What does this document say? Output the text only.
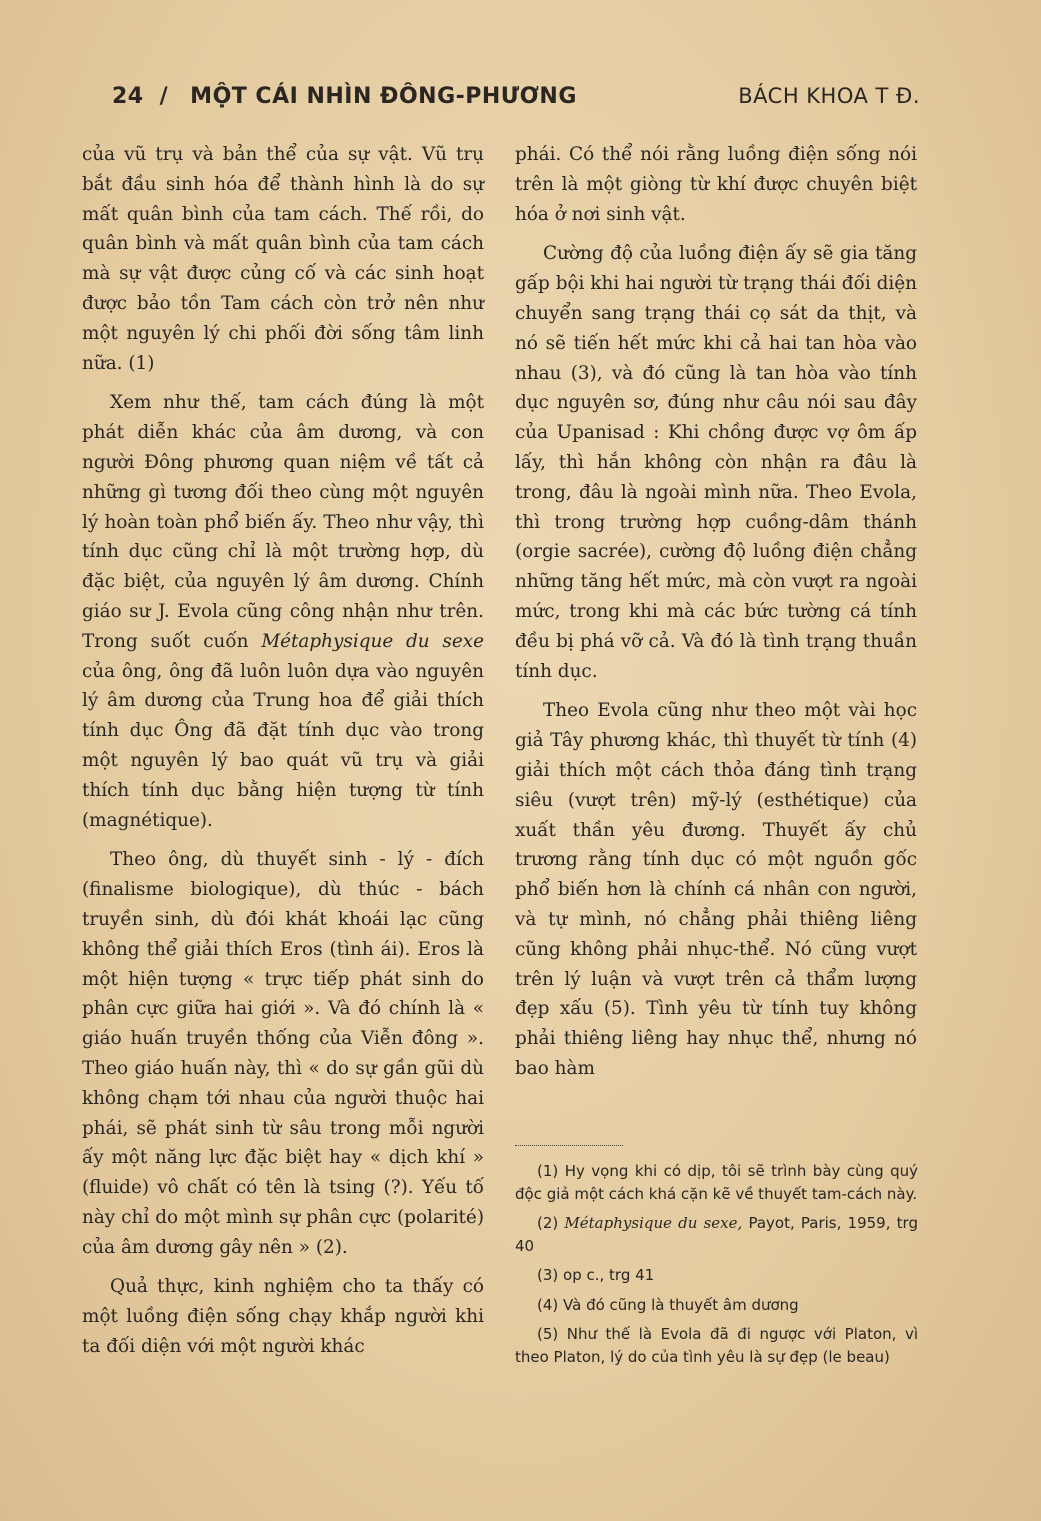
24 / MỘT CÁI NHÌN ĐÔNG-PHƯƠNG	BÁCH KHOA T Đ.

của vũ trụ và bản thể của sự vật. Vũ trụ bắt đầu sinh hóa để thành hình là do sự mất quân bình của tam cách. Thế rồi, do quân bình và mất quân bình của tam cách mà sự vật được củng cố và các sinh hoạt được bảo tồn Tam cách còn trở nên như một nguyên lý chi phối đời sống tâm linh nữa. (1)

Xem như thế, tam cách đúng là một phát diễn khác của âm dương, và con người Đông phương quan niệm về tất cả những gì tương đối theo cùng một nguyên lý hoàn toàn phổ biến ấy. Theo như vậy, thì tính dục cũng chỉ là một trường hợp, dù đặc biệt, của nguyên lý âm dương. Chính giáo sư J. Evola cũng công nhận như trên. Trong suốt cuốn Métaphysique du sexe của ông, ông đã luôn luôn dựa vào nguyên lý âm dương của Trung hoa để giải thích tính dục Ông đã đặt tính dục vào trong một nguyên lý bao quát vũ trụ và giải thích tính dục bằng hiện tượng từ tính (magnétique).

Theo ông, dù thuyết sinh - lý - đích (finalisme biologique), dù thúc - bách truyền sinh, dù đói khát khoái lạc cũng không thể giải thích Eros (tình ái). Eros là một hiện tượng « trực tiếp phát sinh do phân cực giữa hai giới ». Và đó chính là « giáo huấn truyền thống của Viễn đông ». Theo giáo huấn này, thì « do sự gần gũi dù không chạm tới nhau của người thuộc hai phái, sẽ phát sinh từ sâu trong mỗi người ấy một năng lực đặc biệt hay « dịch khí » (fluide) vô chất có tên là tsing (?). Yếu tố này chỉ do một mình sự phân cực (polarité) của âm dương gây nên » (2).

Quả thực, kinh nghiệm cho ta thấy có một luồng điện sống chạy khắp người khi ta đối diện với một người khác

phái. Có thể nói rằng luồng điện sống nói trên là một giòng từ khí được chuyên biệt hóa ở nơi sinh vật.

Cường độ của luồng điện ấy sẽ gia tăng gấp bội khi hai người từ trạng thái đối diện chuyển sang trạng thái cọ sát da thịt, và nó sẽ tiến hết mức khi cả hai tan hòa vào nhau (3), và đó cũng là tan hòa vào tính dục nguyên sơ, đúng như câu nói sau đây của Upanisad : Khi chồng được vợ ôm ấp lấy, thì hắn không còn nhận ra đâu là trong, đâu là ngoài mình nữa. Theo Evola, thì trong trường hợp cuồng-dâm thánh (orgie sacrée), cường độ luồng điện chẳng những tăng hết mức, mà còn vượt ra ngoài mức, trong khi mà các bức tường cá tính đều bị phá vỡ cả. Và đó là tình trạng thuần tính dục.

Theo Evola cũng như theo một vài học giả Tây phương khác, thì thuyết từ tính (4) giải thích một cách thỏa đáng tình trạng siêu (vượt trên) mỹ-lý (esthétique) của xuất thần yêu đương. Thuyết ấy chủ trương rằng tính dục có một nguồn gốc phổ biến hơn là chính cá nhân con người, và tự mình, nó chẳng phải thiêng liêng cũng không phải nhục-thể. Nó cũng vượt trên lý luận và vượt trên cả thẩm lượng đẹp xấu (5). Tình yêu từ tính tuy không phải thiêng liêng hay nhục thể, nhưng nó bao hàm

(1) Hy vọng khi có dịp, tôi sẽ trình bày cùng quý độc giả một cách khá cặn kẽ về thuyết tam-cách này.

(2) Métaphysique du sexe, Payot, Paris, 1959, trg 40

(3) op c., trg 41

(4) Và đó cũng là thuyết âm dương

(5) Như thế là Evola đã đi ngược với Platon, vì theo Platon, lý do của tình yêu là sự đẹp (le beau)
